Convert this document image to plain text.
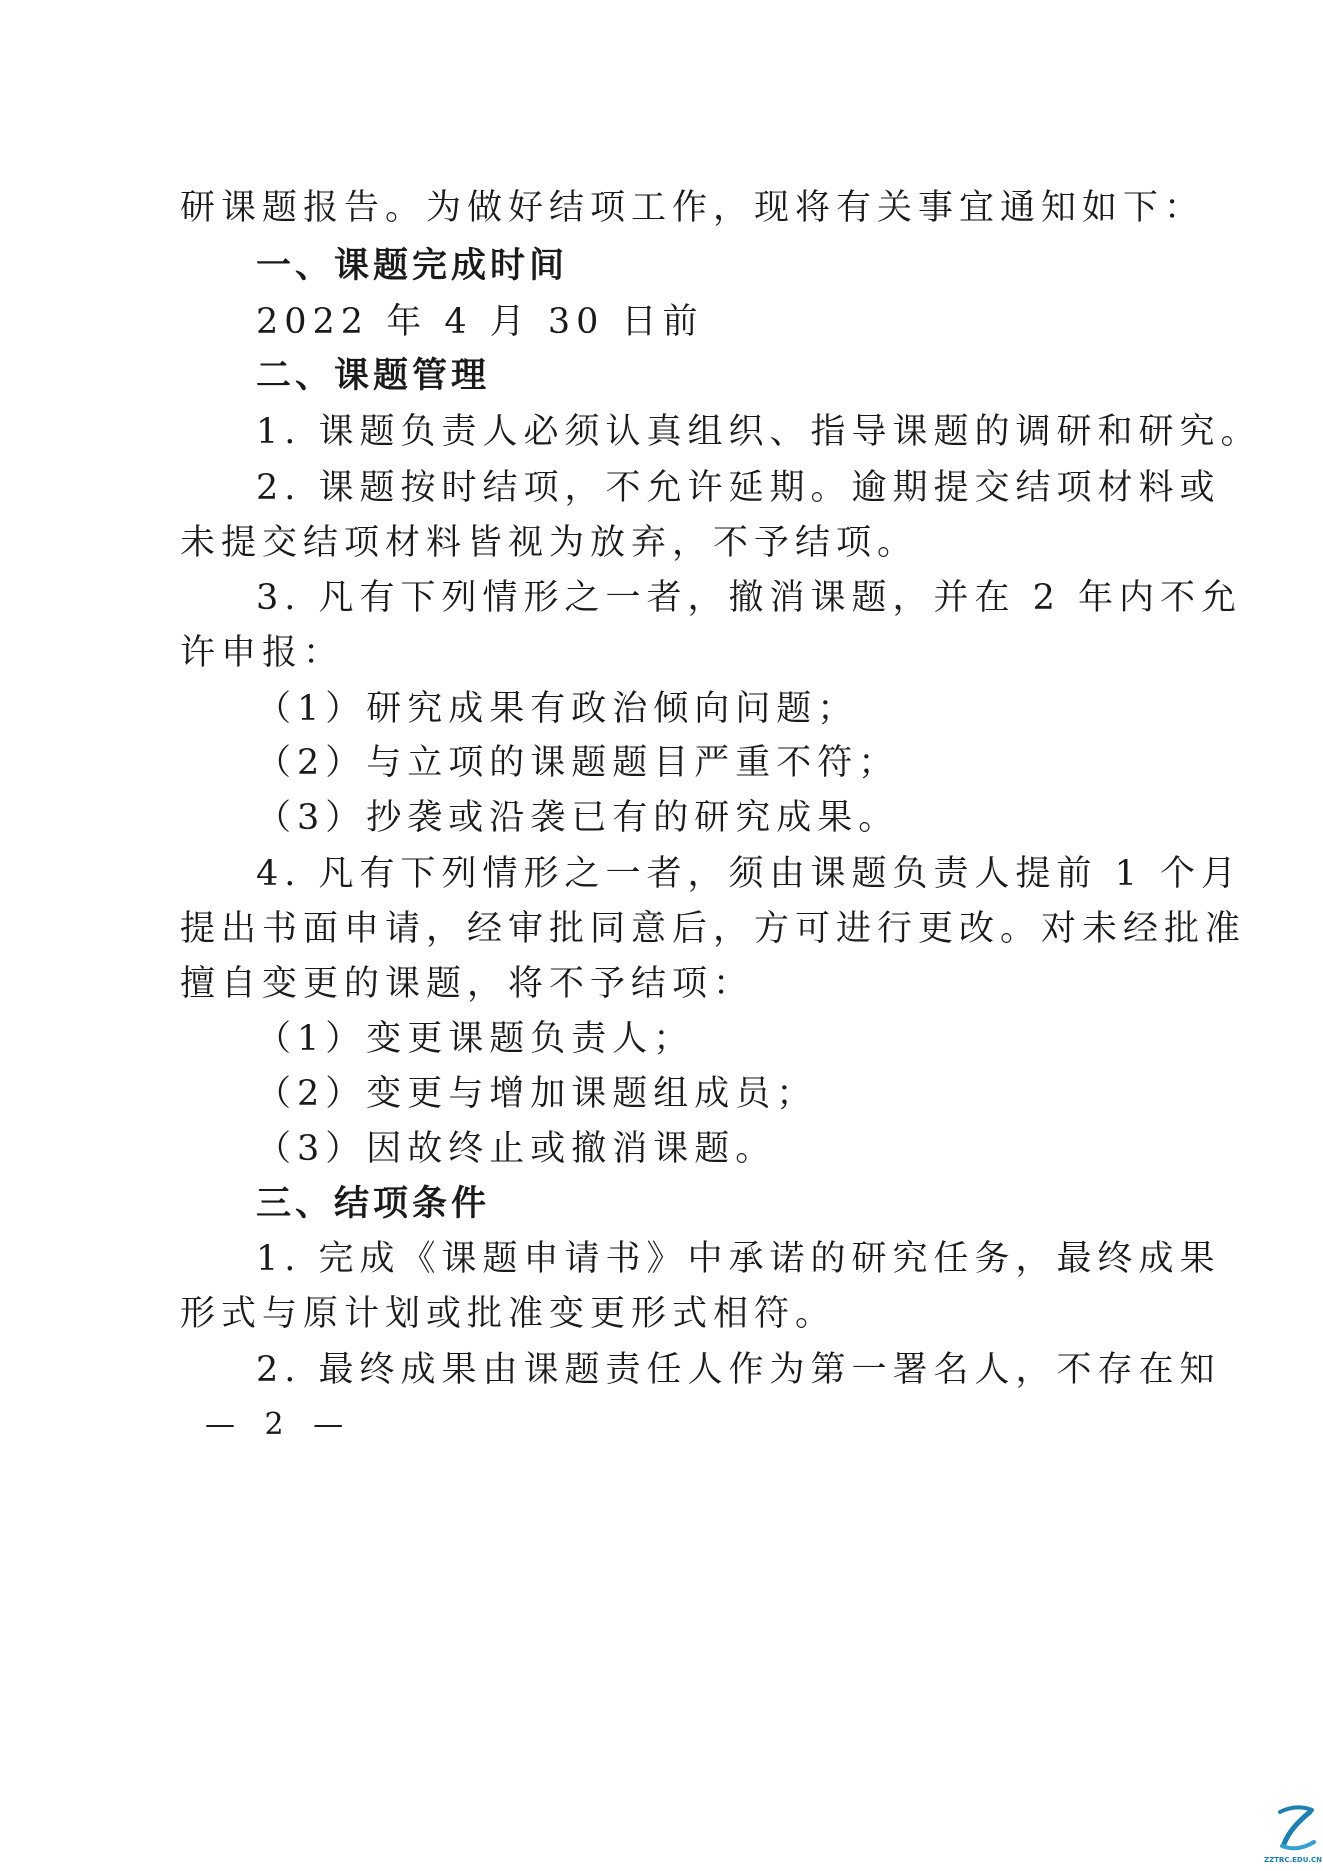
研课题报告。为做好结项工作，现将有关事宜通知如下：
一、课题完成时间
2022 年 4 月 30 日前
二、课题管理
1. 课题负责人必须认真组织、指导课题的调研和研究。
2. 课题按时结项，不允许延期。逾期提交结项材料或
未提交结项材料皆视为放弃，不予结项。
3. 凡有下列情形之一者，撤消课题，并在 2 年内不允
许申报：
（1）研究成果有政治倾向问题；
（2）与立项的课题题目严重不符；
（3）抄袭或沿袭已有的研究成果。
4. 凡有下列情形之一者，须由课题负责人提前 1 个月
提出书面申请，经审批同意后，方可进行更改。对未经批准
擅自变更的课题，将不予结项：
（1）变更课题负责人；
（2）变更与增加课题组成员；
（3）因故终止或撤消课题。
三、结项条件
1. 完成《课题申请书》中承诺的研究任务，最终成果
形式与原计划或批准变更形式相符。
2. 最终成果由课题责任人作为第一署名人，不存在知
— 2 —
ZZTRC.EDU.CN
